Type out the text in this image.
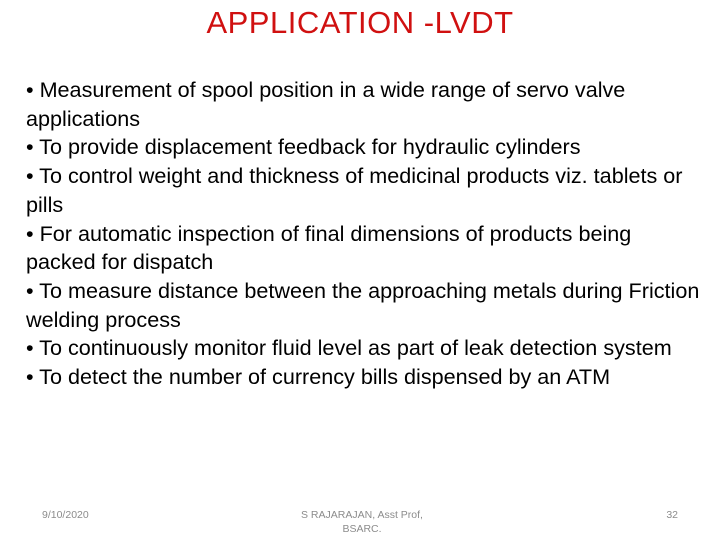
APPLICATION -LVDT

• Measurement of spool position in a wide range of servo valve applications

• To provide displacement feedback for hydraulic cylinders

• To control weight and thickness of medicinal products viz. tablets or pills

• For automatic inspection of final dimensions of products being packed for dispatch

• To measure distance between the approaching metals during Friction welding process

• To continuously monitor fluid level as part of leak detection system

• To detect the number of currency bills dispensed by an ATM

9/10/2020	S RAJARAJAN, Asst Prof, BSARC.
32
